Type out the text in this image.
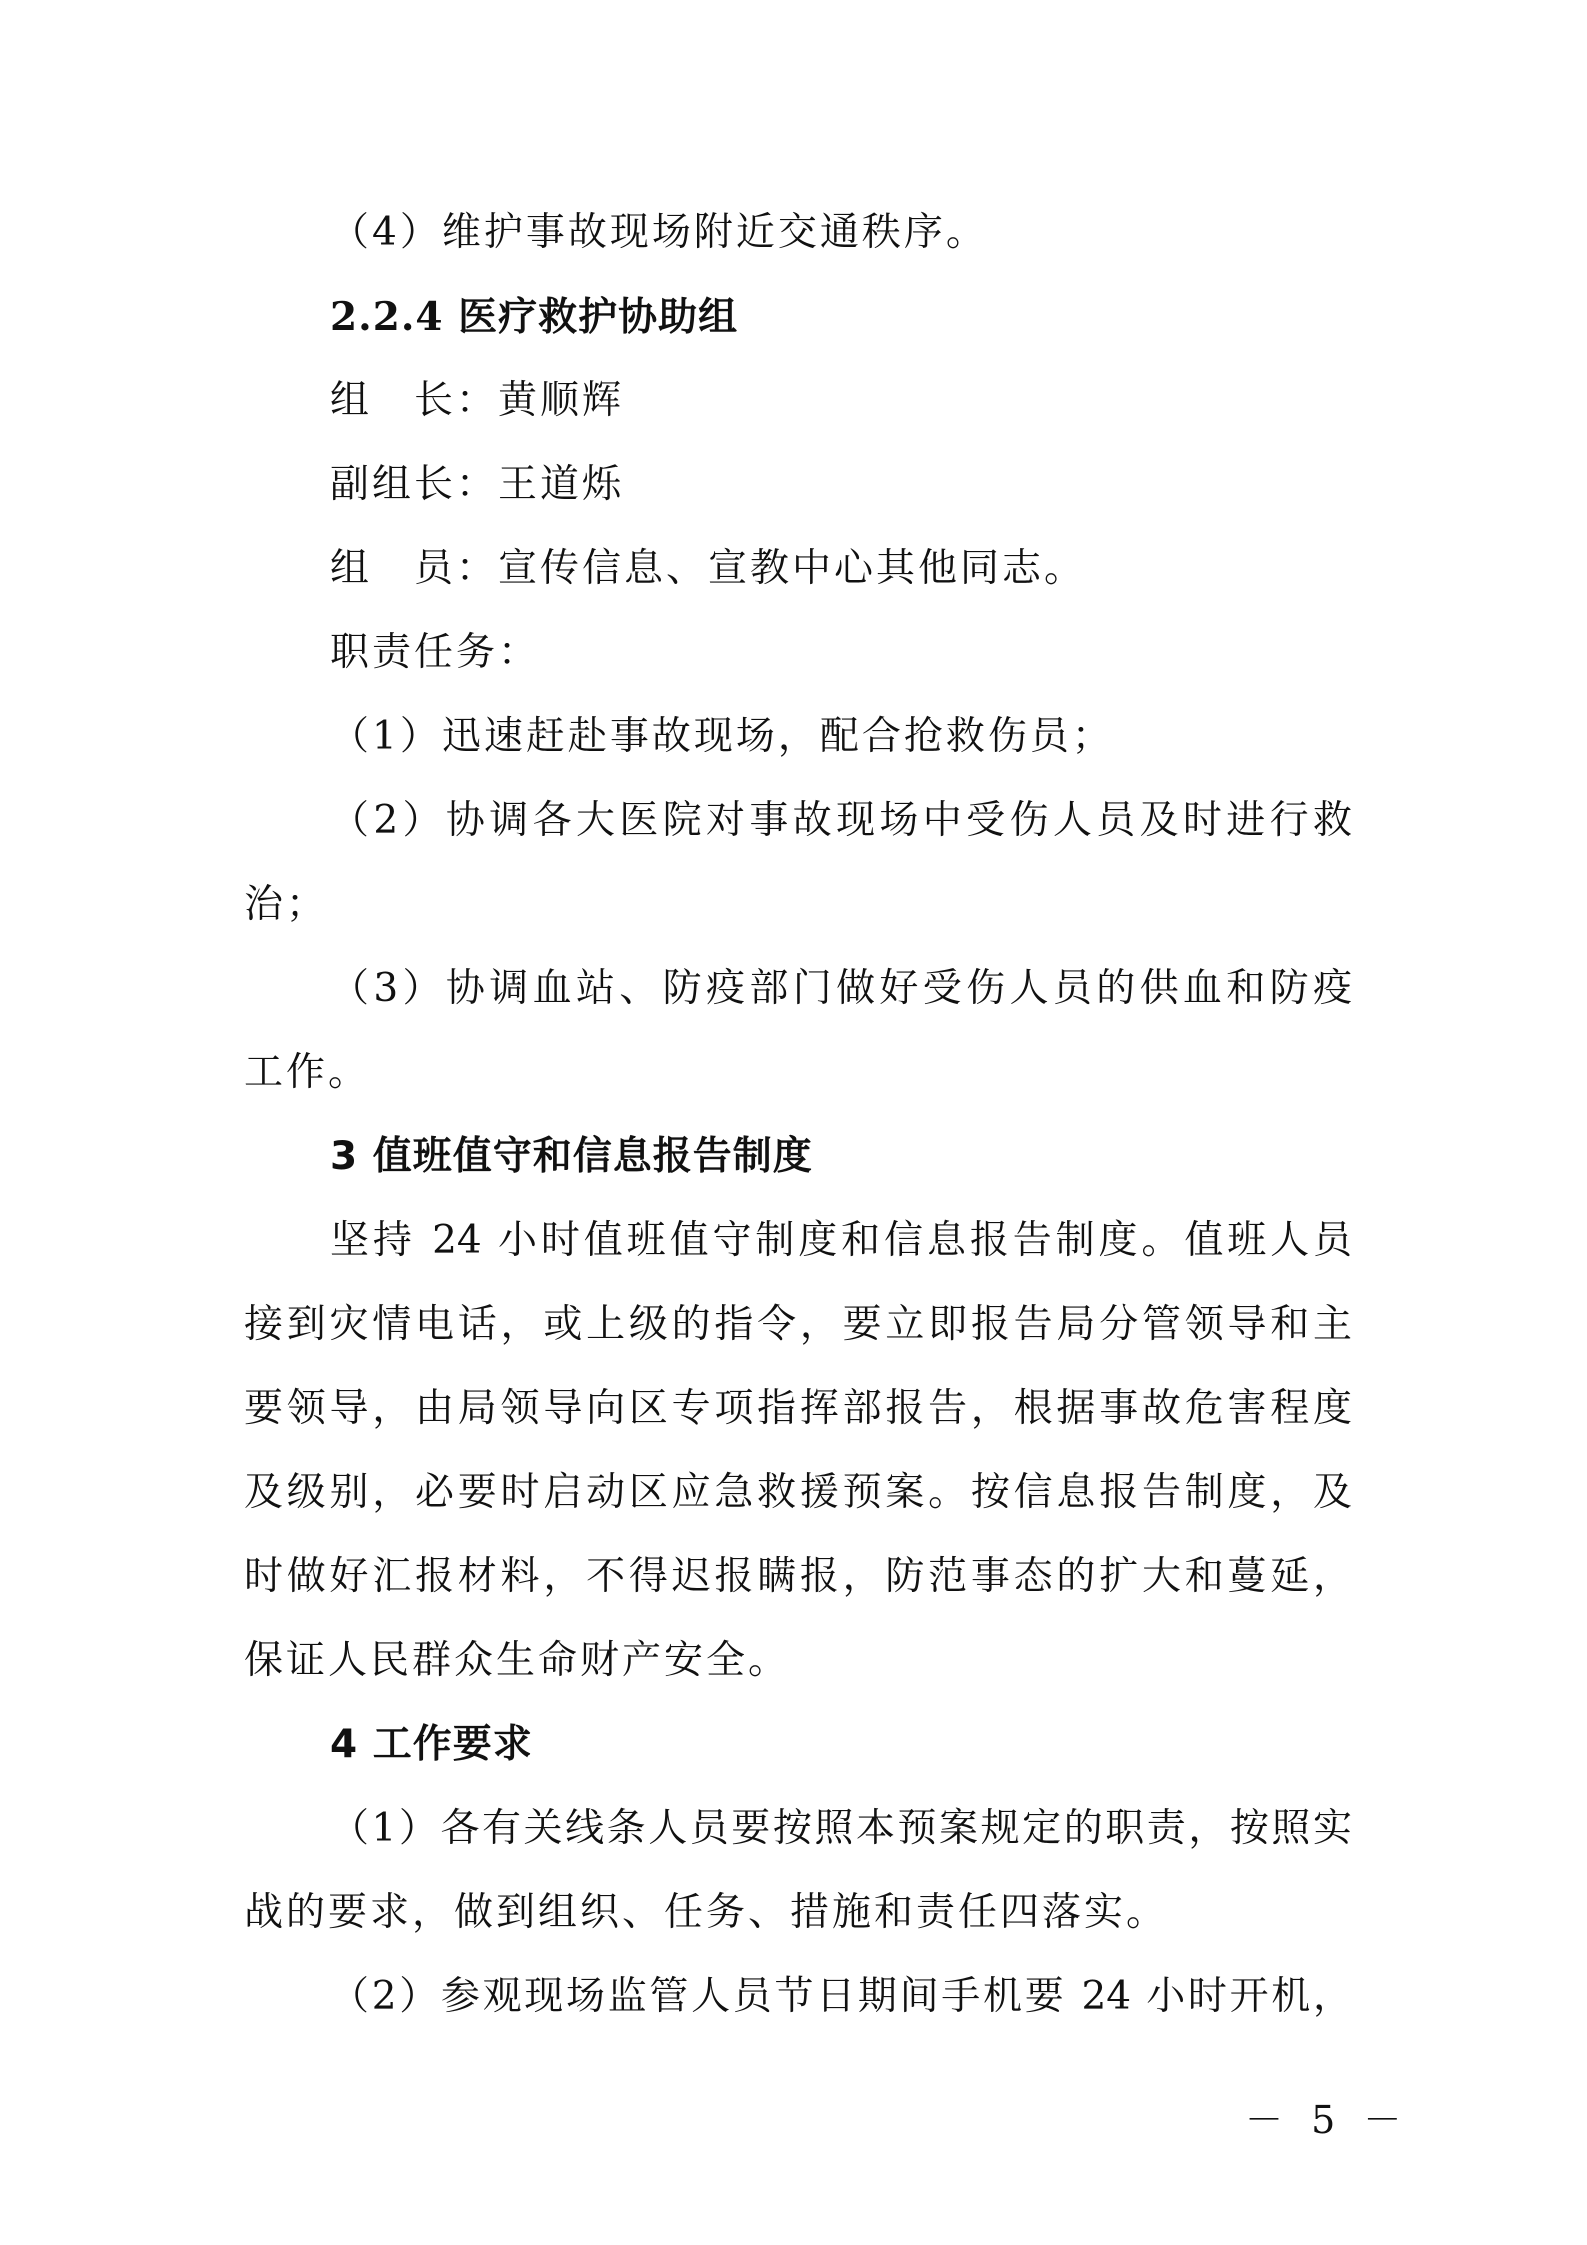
（4）维护事故现场附近交通秩序。
2.2.4 医疗救护协助组
组　长：黄顺辉
副组长：王道烁
组　员：宣传信息、宣教中心其他同志。
职责任务：
（1）迅速赶赴事故现场，配合抢救伤员；
（2）协调各大医院对事故现场中受伤人员及时进行救
治；
（3）协调血站、防疫部门做好受伤人员的供血和防疫
工作。
3 值班值守和信息报告制度
坚持 24 小时值班值守制度和信息报告制度。值班人员
接到灾情电话，或上级的指令，要立即报告局分管领导和主
要领导，由局领导向区专项指挥部报告，根据事故危害程度
及级别，必要时启动区应急救援预案。按信息报告制度，及
时做好汇报材料，不得迟报瞒报，防范事态的扩大和蔓延，
保证人民群众生命财产安全。
4 工作要求
（1）各有关线条人员要按照本预案规定的职责，按照实
战的要求，做到组织、任务、措施和责任四落实。
（2）参观现场监管人员节日期间手机要 24 小时开机，
－ 5 －
